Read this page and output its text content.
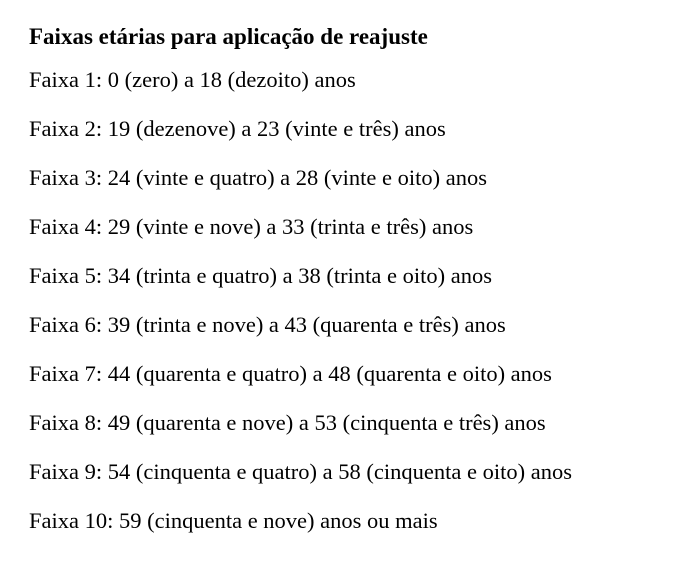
Faixas etárias para aplicação de reajuste
Faixa 1: 0 (zero) a 18 (dezoito) anos
Faixa 2: 19 (dezenove) a 23 (vinte e três) anos
Faixa 3: 24 (vinte e quatro) a 28 (vinte e oito) anos
Faixa 4: 29 (vinte e nove) a 33 (trinta e três) anos
Faixa 5: 34 (trinta e quatro) a 38 (trinta e oito) anos
Faixa 6: 39 (trinta e nove) a 43 (quarenta e três) anos
Faixa 7: 44 (quarenta e quatro) a 48 (quarenta e oito) anos
Faixa 8: 49 (quarenta e nove) a 53 (cinquenta e três) anos
Faixa 9: 54 (cinquenta e quatro) a 58 (cinquenta e oito) anos
Faixa 10: 59 (cinquenta e nove) anos ou mais
